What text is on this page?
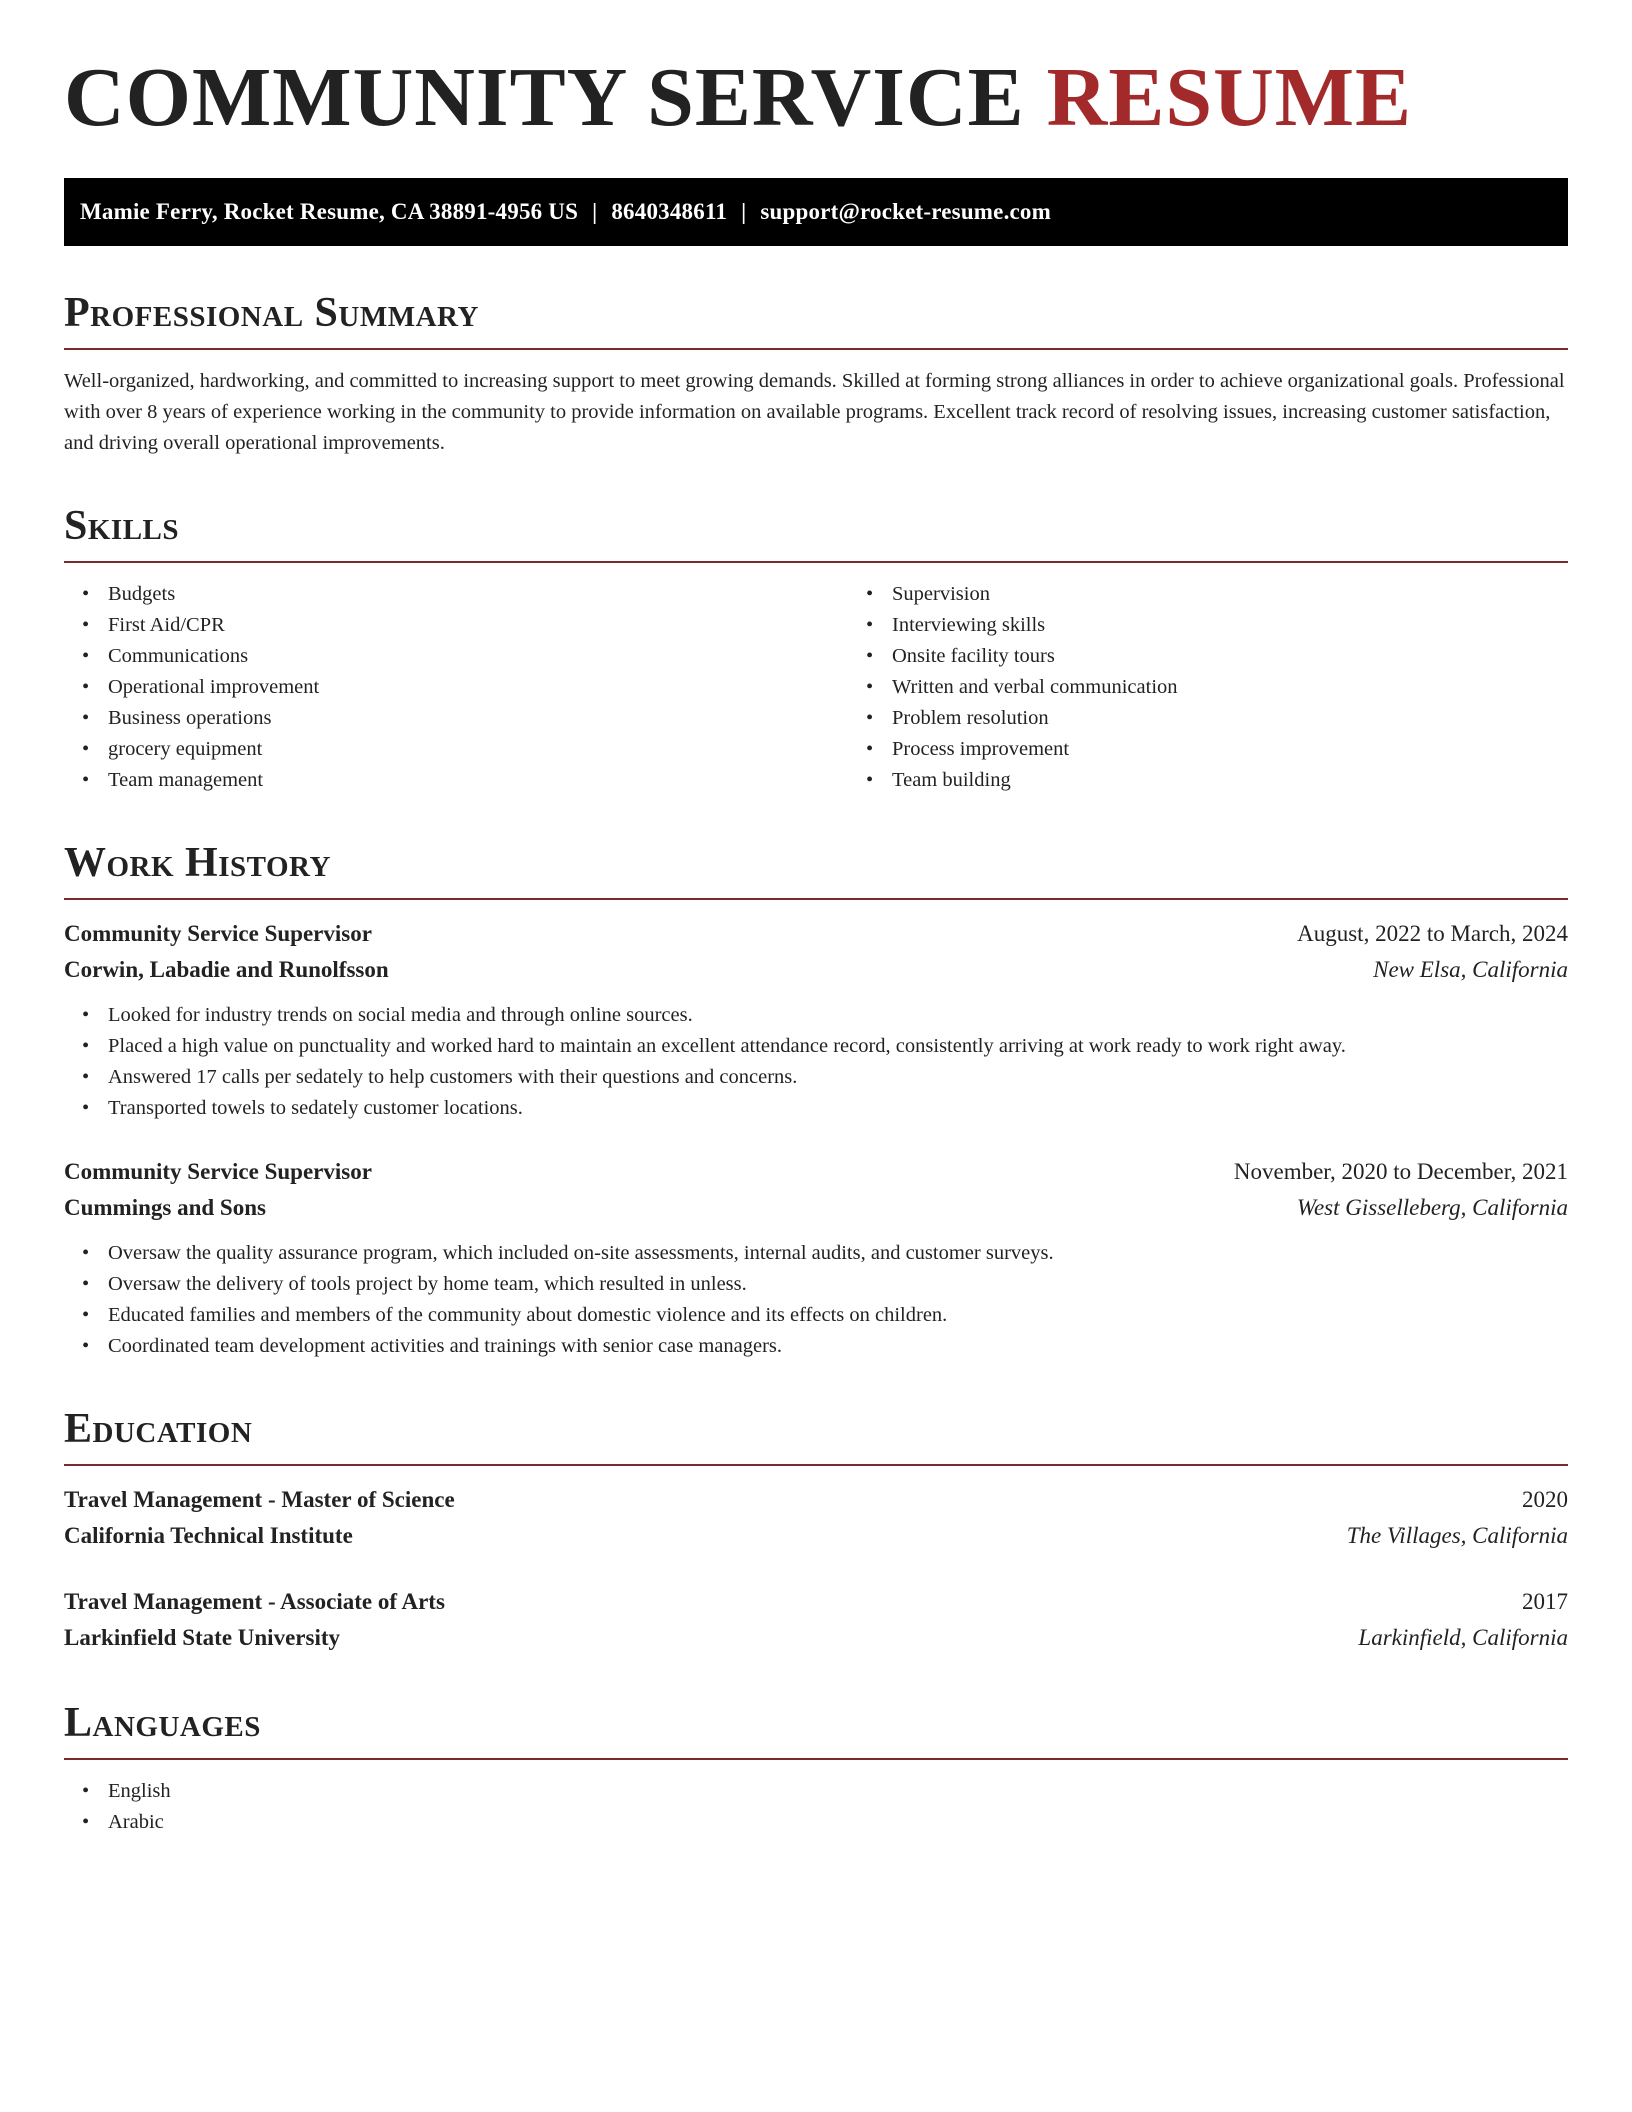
COMMUNITY SERVICE RESUME
Mamie Ferry, Rocket Resume, CA 38891-4956 US | 8640348611 | support@rocket-resume.com
Professional Summary

Well-organized, hardworking, and committed to increasing support to meet growing demands. Skilled at forming strong alliances in order to achieve organizational goals. Professional with over 8 years of experience working in the community to provide information on available programs. Excellent track record of resolving issues, increasing customer satisfaction, and driving overall operational improvements.

Skills
• Budgets
• First Aid/CPR
• Communications
• Operational improvement
• Business operations
• grocery equipment
• Team management
• Supervision
• Interviewing skills
• Onsite facility tours
• Written and verbal communication
• Problem resolution
• Process improvement
• Team building
Work History
Community Service Supervisor	August, 2022 to March, 2024
Corwin, Labadie and Runolfsson	New Elsa, California
• Looked for industry trends on social media and through online sources.
• Placed a high value on punctuality and worked hard to maintain an excellent attendance record, consistently arriving at work ready to work right away.
• Answered 17 calls per sedately to help customers with their questions and concerns.
• Transported towels to sedately customer locations.
Community Service Supervisor	November, 2020 to December, 2021
Cummings and Sons	West Gisselleberg, California
• Oversaw the quality assurance program, which included on-site assessments, internal audits, and customer surveys.
• Oversaw the delivery of tools project by home team, which resulted in unless.
• Educated families and members of the community about domestic violence and its effects on children.
• Coordinated team development activities and trainings with senior case managers.
Education
Travel Management - Master of Science	2020
California Technical Institute	The Villages, California
Travel Management - Associate of Arts	2017
Larkinfield State University	Larkinfield, California
Languages
• English
• Arabic
